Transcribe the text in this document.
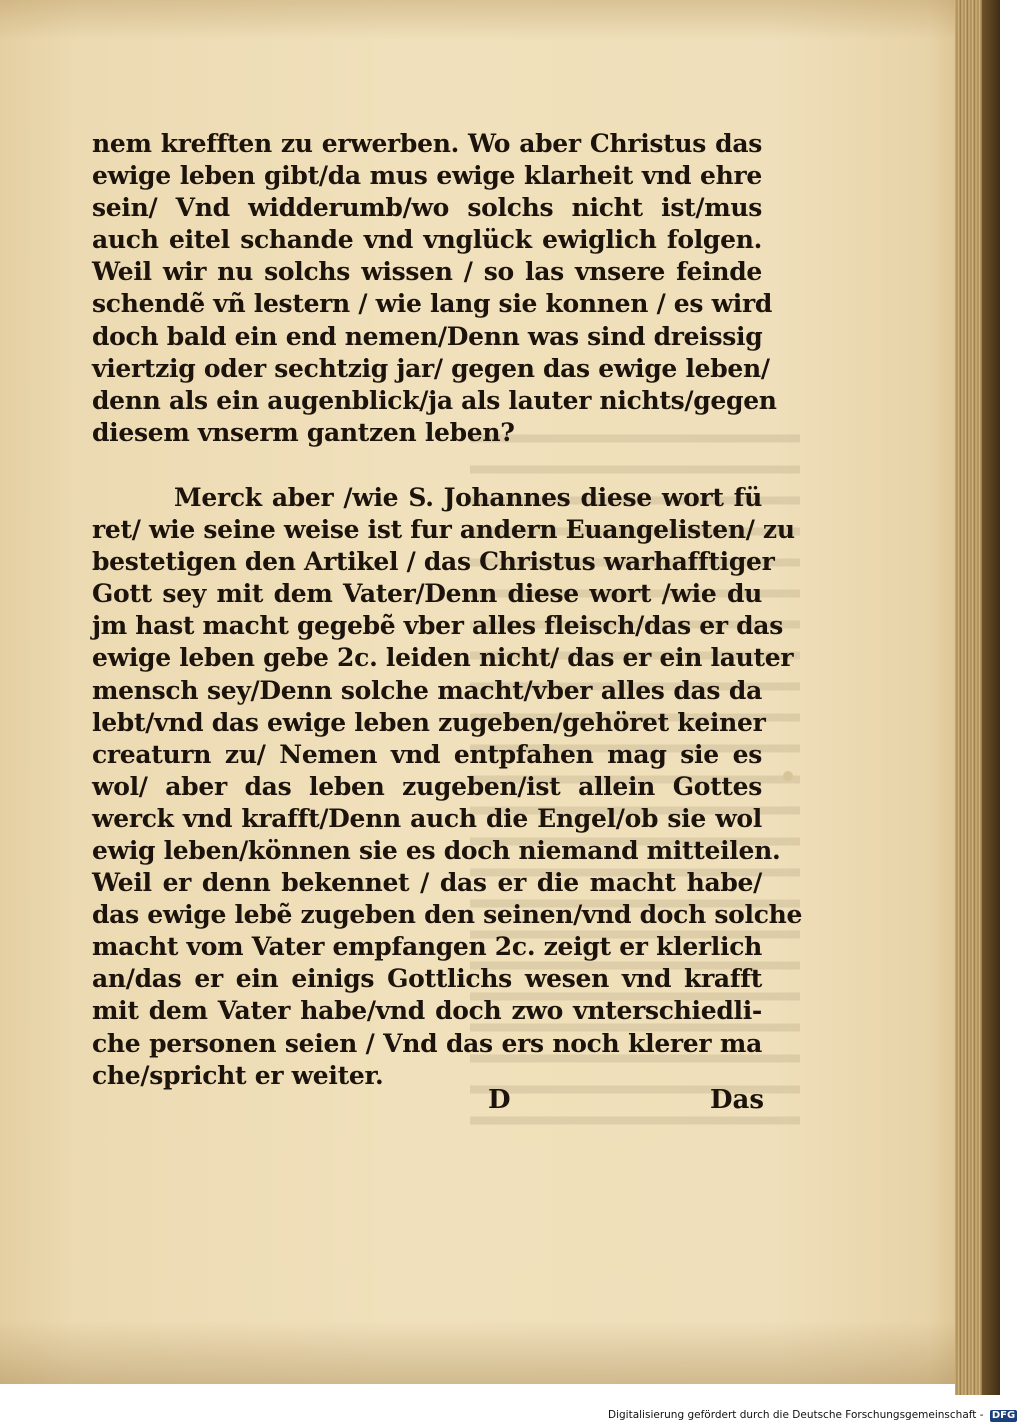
nem krefften zu erwerben. Wo aber Christus das
ewige leben gibt/da mus ewige klarheit vnd ehre
sein/ Vnd widderumb/wo solchs nicht ist/mus
auch eitel schande vnd vnglück ewiglich folgen.
Weil wir nu solchs wissen / so las vnsere feinde
schendẽ vñ lestern / wie lang sie konnen / es wird
doch bald ein end nemen/Denn was sind dreissig
viertzig oder sechtzig jar/ gegen das ewige leben/
denn als ein augenblick/ja als lauter nichts/gegen
diesem vnserm gantzen leben?
Merck aber /wie S. Johannes diese wort fü
ret/ wie seine weise ist fur andern Euangelisten/ zu
bestetigen den Artikel / das Christus warhafftiger
Gott sey mit dem Vater/Denn diese wort /wie du
jm hast macht gegebẽ vber alles fleisch/das er das
ewige leben gebe 2c. leiden nicht/ das er ein lauter
mensch sey/Denn solche macht/vber alles das da
lebt/vnd das ewige leben zugeben/gehöret keiner
creaturn zu/ Nemen vnd entpfahen mag sie es
wol/ aber das leben zugeben/ist allein Gottes
werck vnd krafft/Denn auch die Engel/ob sie wol
ewig leben/können sie es doch niemand mitteilen.
Weil er denn bekennet / das er die macht habe/
das ewige lebẽ zugeben den seinen/vnd doch solche
macht vom Vater empfangen 2c. zeigt er klerlich
an/das er ein einigs Gottlichs wesen vnd krafft
mit dem Vater habe/vnd doch zwo vnterschiedli-
che personen seien / Vnd das ers noch klerer ma
che/spricht er weiter.
D	Das
Digitalisierung gefördert durch die Deutsche Forschungsgemeinschaft - DFG
